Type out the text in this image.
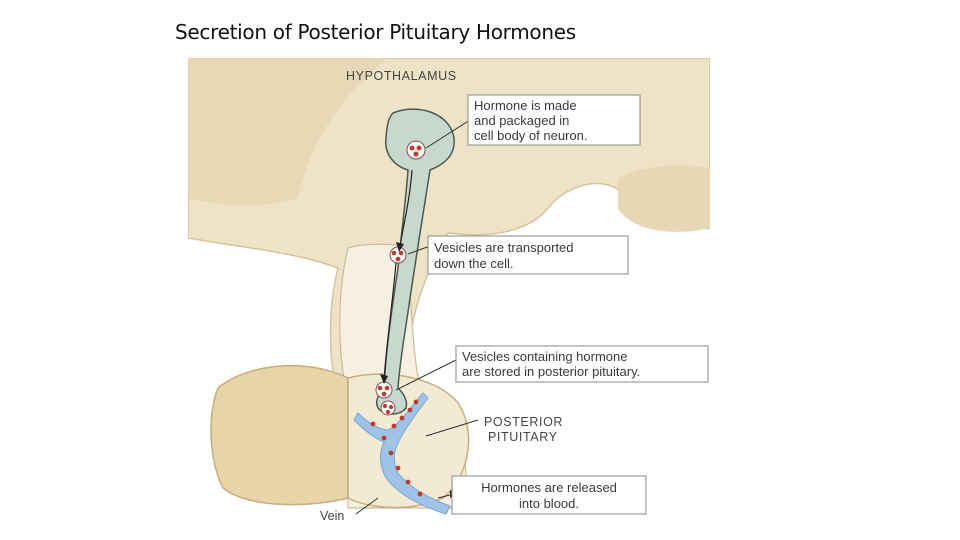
Secretion of Posterior Pituitary Hormones
HYPOTHALAMUS
POSTERIOR
PITUITARY
Vein
Hormone is made
and packaged in
cell body of neuron.
Vesicles are transported
down the cell.
Vesicles containing hormone
are stored in posterior pituitary.
Hormones are released
into blood.
